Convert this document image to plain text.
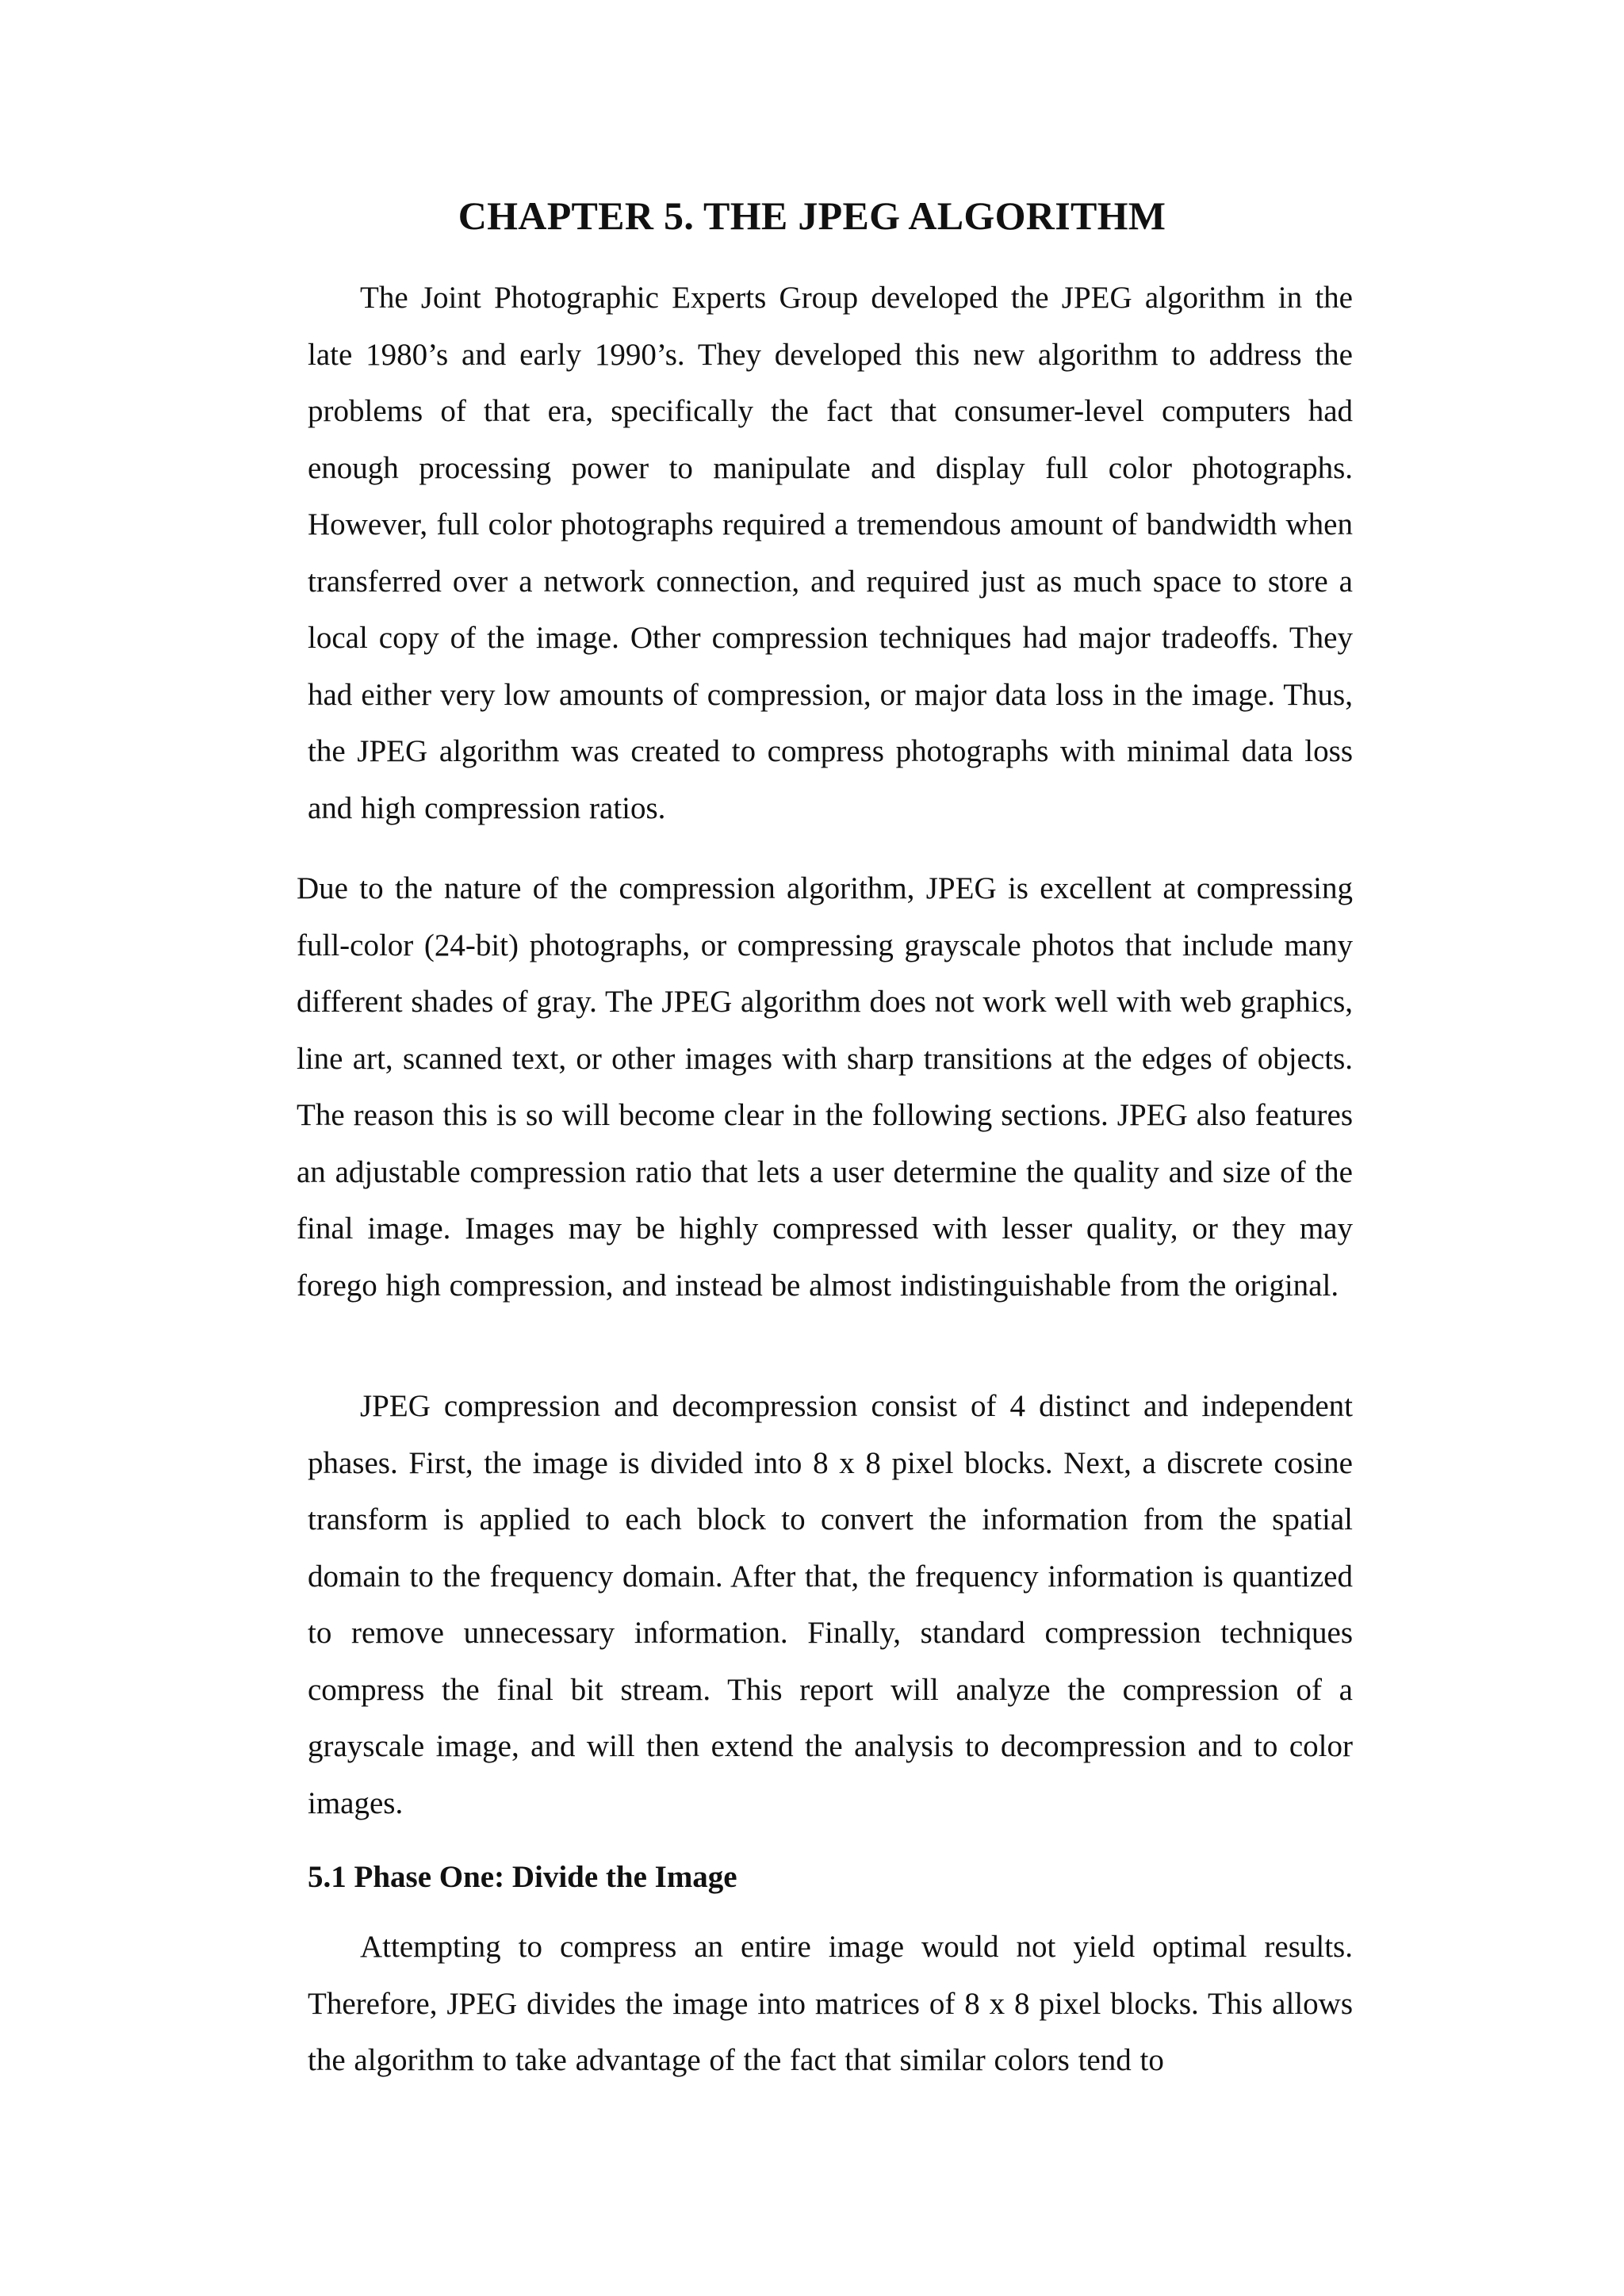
CHAPTER 5. THE JPEG ALGORITHM

The Joint Photographic Experts Group developed the JPEG algorithm in the late 1980’s and early 1990’s. They developed this new algorithm to address the problems of that era, specifically the fact that consumer-level computers had enough processing power to manipulate and display full color photographs. However, full color photographs required a tremendous amount of bandwidth when transferred over a network connection, and required just as much space to store a local copy of the image. Other compression techniques had major tradeoffs. They had either very low amounts of compression, or major data loss in the image. Thus, the JPEG algorithm was created to compress photographs with minimal data loss and high compression ratios.

Due to the nature of the compression algorithm, JPEG is excellent at compressing full-color (24-bit) photographs, or compressing grayscale photos that include many different shades of gray. The JPEG algorithm does not work well with web graphics, line art, scanned text, or other images with sharp transitions at the edges of objects. The reason this is so will become clear in the following sections. JPEG also features an adjustable compression ratio that lets a user determine the quality and size of the final image. Images may be highly compressed with lesser quality, or they may forego high compression, and instead be almost indistinguishable from the original.

JPEG compression and decompression consist of 4 distinct and independent phases. First, the image is divided into 8 x 8 pixel blocks. Next, a discrete cosine transform is applied to each block to convert the information from the spatial domain to the frequency domain. After that, the frequency information is quantized to remove unnecessary information. Finally, standard compression techniques compress the final bit stream. This report will analyze the compression of a grayscale image, and will then extend the analysis to decompression and to color images.

5.1 Phase One: Divide the Image

Attempting to compress an entire image would not yield optimal results. Therefore, JPEG divides the image into matrices of 8 x 8 pixel blocks. This allows the algorithm to take advantage of the fact that similar colors tend to
